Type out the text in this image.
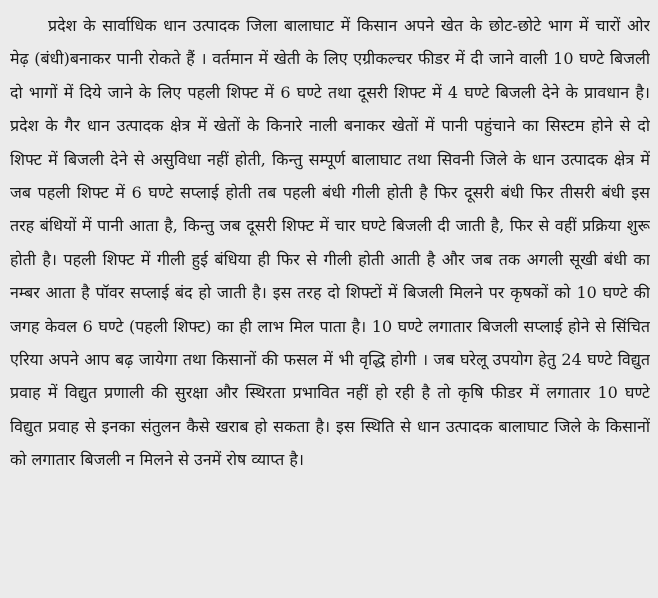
प्रदेश के सार्वाधिक धान उत्पादक जिला बालाघाट में किसान अपने खेत के छोट-छोटे भाग में चारों ओर
मेढ़ (बंधी)बनाकर पानी रोकते हैं । वर्तमान में खेती के लिए एग्रीकल्चर फीडर में दी जाने वाली 10 घण्टे बिजली
दो भागों में दिये जाने के लिए पहली शिफ्ट में 6 घण्टे तथा दूसरी शिफ्ट में 4 घण्टे बिजली देने के प्रावधान है।
प्रदेश के गैर धान उत्पादक क्षेत्र में खेतों के किनारे नाली बनाकर खेतों में पानी पहुंचाने का सिस्टम होने से दो
शिफ्ट में बिजली देने से असुविधा नहीं होती, किन्तु सम्पूर्ण बालाघाट तथा सिवनी जिले के धान उत्पादक क्षेत्र में
जब पहली शिफ्ट में 6 घण्टे सप्लाई होती तब पहली बंधी गीली होती है फिर दूसरी बंधी फिर तीसरी बंधी इस
तरह बंधियों में पानी आता है, किन्तु जब दूसरी शिफ्ट में चार घण्टे बिजली दी जाती है, फिर से वहीं प्रक्रिया शुरू
होती है। पहली शिफ्ट में गीली हुई बंधिया ही फिर से गीली होती आती है और जब तक अगली सूखी बंधी का
नम्बर आता है पॉवर सप्लाई बंद हो जाती है। इस तरह दो शिफ्टों में बिजली मिलने पर कृषकों को 10 घण्टे की
जगह केवल 6 घण्टे (पहली शिफ्ट) का ही लाभ मिल पाता है। 10 घण्टे लगातार बिजली सप्लाई होने से सिंचित
एरिया अपने आप बढ़ जायेगा तथा किसानों की फसल में भी वृद्धि होगी । जब घरेलू उपयोग हेतु 24 घण्टे विद्युत
प्रवाह में विद्युत प्रणाली की सुरक्षा और स्थिरता प्रभावित नहीं हो रही है तो कृषि फीडर में लगातार 10 घण्टे
विद्युत प्रवाह से इनका संतुलन कैसे खराब हो सकता है। इस स्थिति से धान उत्पादक बालाघाट जिले के किसानों
को लगातार बिजली न मिलने से उनमें रोष व्याप्त है।
